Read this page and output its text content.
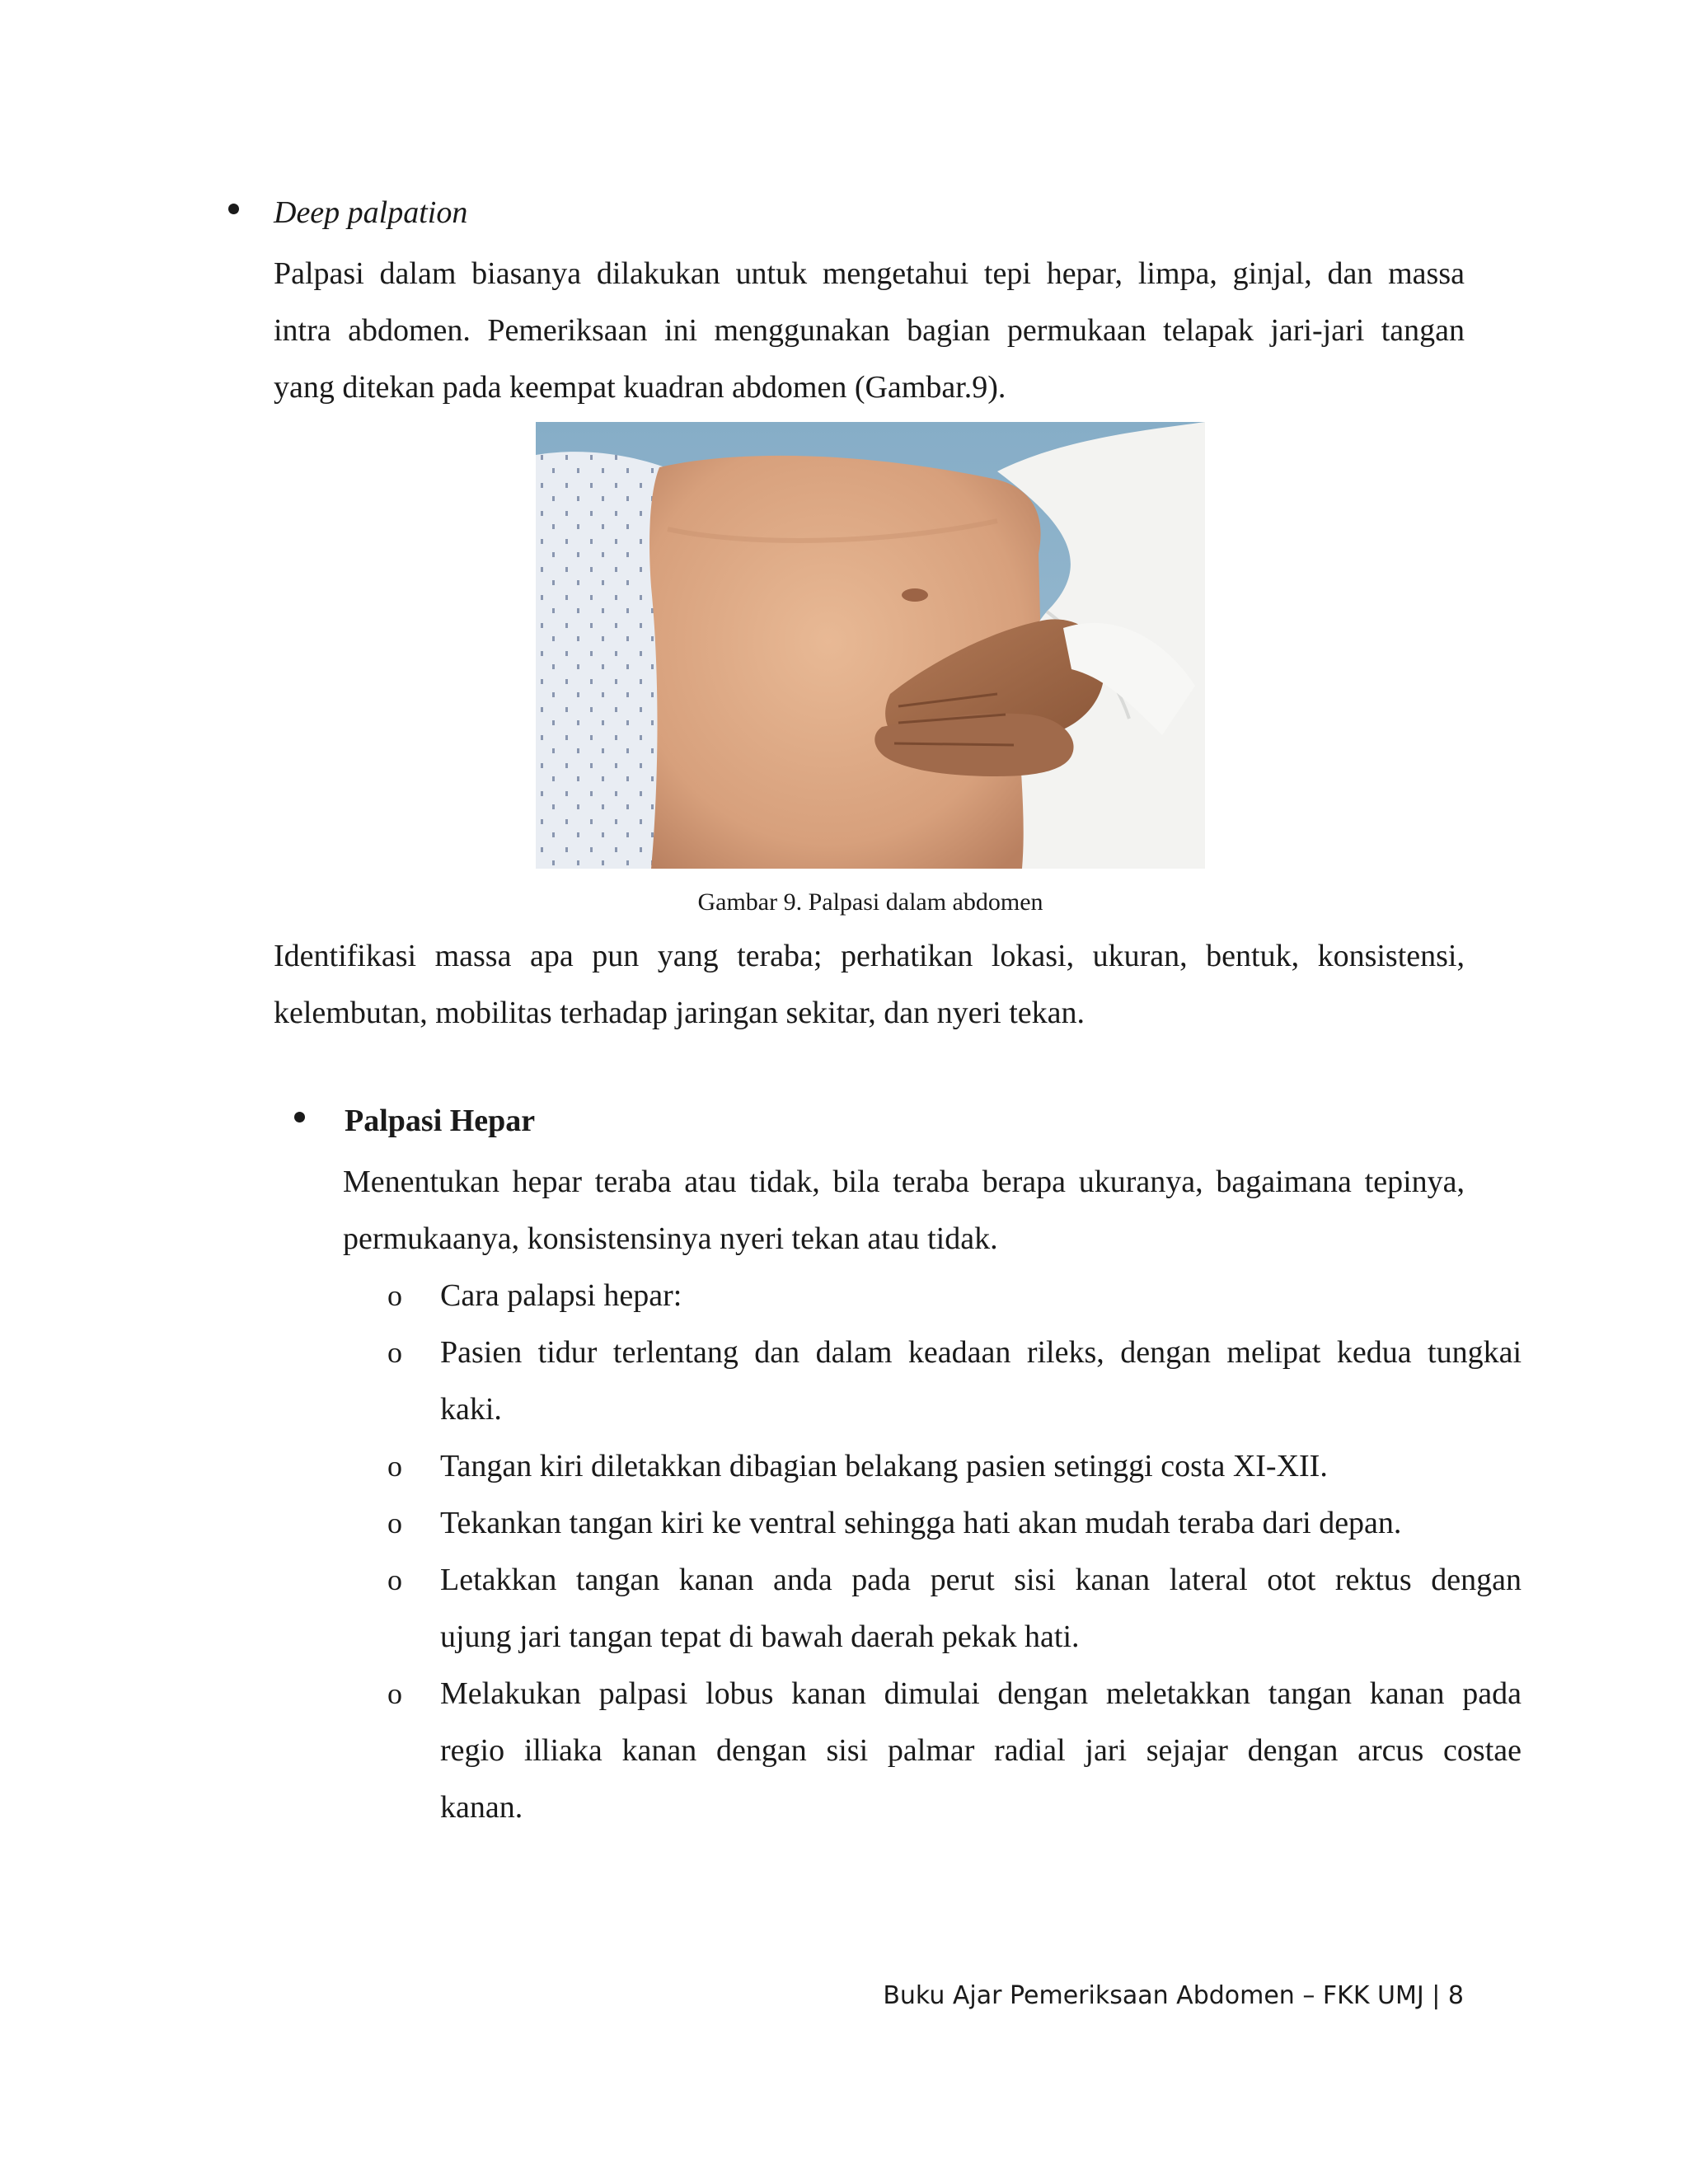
Deep palpation
Palpasi dalam biasanya dilakukan untuk mengetahui tepi hepar, limpa, ginjal, dan massa
intra abdomen. Pemeriksaan ini menggunakan bagian permukaan telapak jari-jari tangan
yang ditekan pada keempat kuadran abdomen (Gambar.9).
Gambar 9. Palpasi dalam abdomen
Identifikasi massa apa pun yang teraba; perhatikan lokasi, ukuran, bentuk, konsistensi,
kelembutan, mobilitas terhadap jaringan sekitar, dan nyeri tekan.
Palpasi Hepar
Menentukan hepar teraba atau tidak, bila teraba berapa ukuranya, bagaimana tepinya,
permukaanya, konsistensinya nyeri tekan atau tidak.
o Cara palapsi hepar:
o Pasien tidur terlentang dan dalam keadaan rileks, dengan melipat kedua tungkai
kaki.
o Tangan kiri diletakkan dibagian belakang pasien setinggi costa XI-XII.
o Tekankan tangan kiri ke ventral sehingga hati akan mudah teraba dari depan.
o Letakkan tangan kanan anda pada perut sisi kanan lateral otot rektus dengan
ujung jari tangan tepat di bawah daerah pekak hati.
o Melakukan palpasi lobus kanan dimulai dengan meletakkan tangan kanan pada
regio illiaka kanan dengan sisi palmar radial jari sejajar dengan arcus costae
kanan.
Buku Ajar Pemeriksaan Abdomen – FKK UMJ | 8
